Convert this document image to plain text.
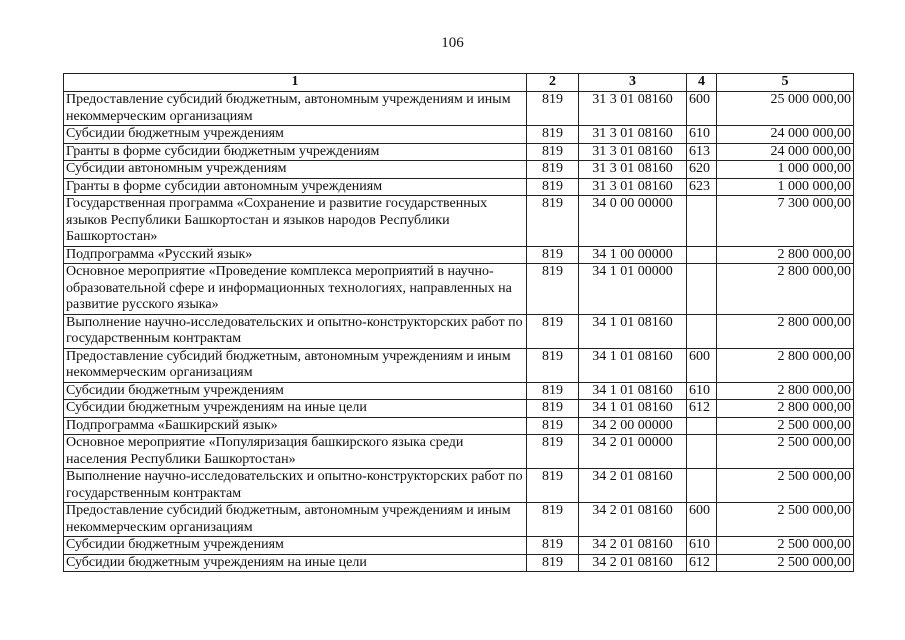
106
1	2	3	4	5
Предоставление субсидий бюджетным, автономным учреждениям и иным некоммерческим организациям	819	31 3 01 08160	600	25 000 000,00
Субсидии бюджетным учреждениям	819	31 3 01 08160	610	24 000 000,00
Гранты в форме субсидии бюджетным учреждениям	819	31 3 01 08160	613	24 000 000,00
Субсидии автономным учреждениям	819	31 3 01 08160	620	1 000 000,00
Гранты в форме субсидии автономным учреждениям	819	31 3 01 08160	623	1 000 000,00
Государственная программа «Сохранение и развитие государственных языков Республики Башкортостан и языков народов Республики Башкортостан»	819	34 0 00 00000		7 300 000,00
Подпрограмма «Русский язык»	819	34 1 00 00000		2 800 000,00
Основное мероприятие «Проведение комплекса мероприятий в научно-образовательной сфере и информационных технологиях, направленных на развитие русского языка»	819	34 1 01 00000		2 800 000,00
Выполнение научно-исследовательских и опытно-конструкторских работ по государственным контрактам	819	34 1 01 08160		2 800 000,00
Предоставление субсидий бюджетным, автономным учреждениям и иным некоммерческим организациям	819	34 1 01 08160	600	2 800 000,00
Субсидии бюджетным учреждениям	819	34 1 01 08160	610	2 800 000,00
Субсидии бюджетным учреждениям на иные цели	819	34 1 01 08160	612	2 800 000,00
Подпрограмма «Башкирский язык»	819	34 2 00 00000		2 500 000,00
Основное мероприятие «Популяризация башкирского языка среди населения Республики Башкортостан»	819	34 2 01 00000		2 500 000,00
Выполнение научно-исследовательских и опытно-конструкторских работ по государственным контрактам	819	34 2 01 08160		2 500 000,00
Предоставление субсидий бюджетным, автономным учреждениям и иным некоммерческим организациям	819	34 2 01 08160	600	2 500 000,00
Субсидии бюджетным учреждениям	819	34 2 01 08160	610	2 500 000,00
Субсидии бюджетным учреждениям на иные цели	819	34 2 01 08160	612	2 500 000,00
